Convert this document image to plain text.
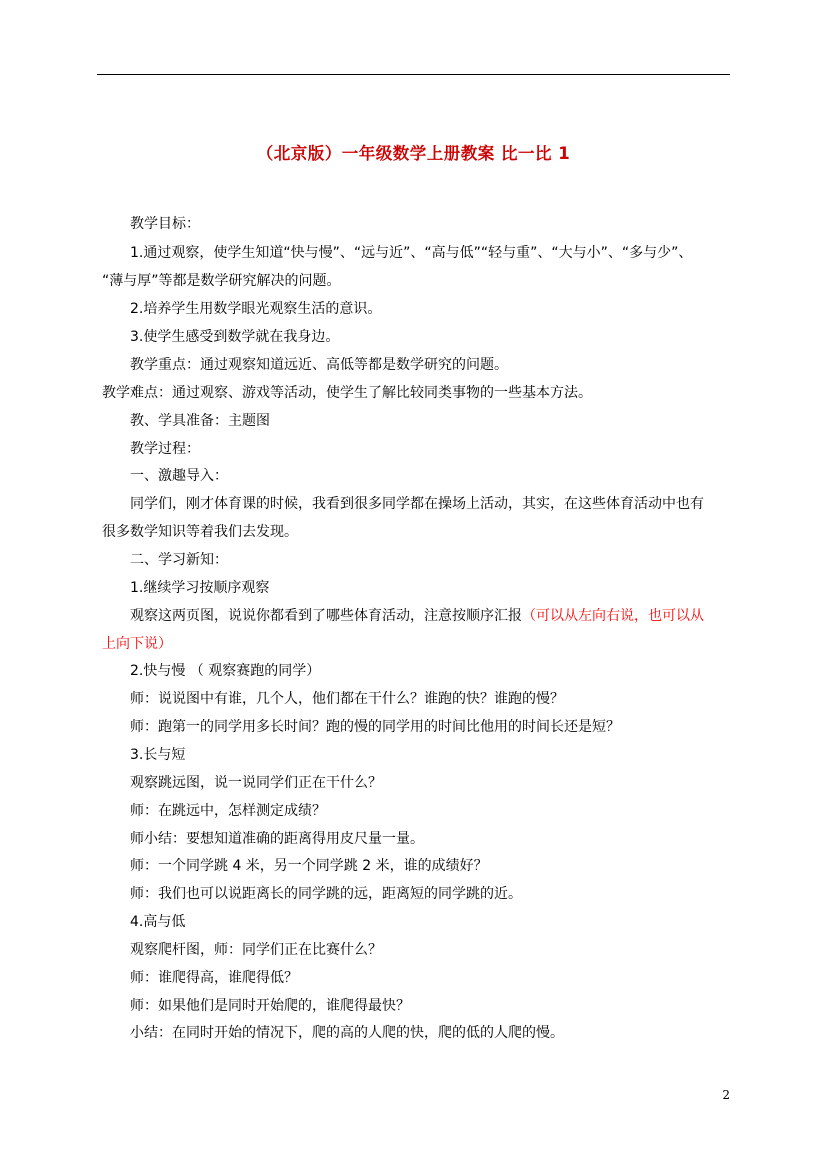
（北京版）一年级数学上册教案 比一比 1
教学目标：
1.通过观察，使学生知道“快与慢”、“远与近”、“高与低”“轻与重”、“大与小”、“多与少”、
“薄与厚”等都是数学研究解决的问题。
2.培养学生用数学眼光观察生活的意识。
3.使学生感受到数学就在我身边。
教学重点：通过观察知道远近、高低等都是数学研究的问题。
教学难点：通过观察、游戏等活动，使学生了解比较同类事物的一些基本方法。
教、学具准备：主题图
教学过程：
一、激趣导入：
同学们，刚才体育课的时候，我看到很多同学都在操场上活动，其实，在这些体育活动中也有
很多数学知识等着我们去发现。
二、学习新知：
1.继续学习按顺序观察
观察这两页图，说说你都看到了哪些体育活动，注意按顺序汇报（可以从左向右说，也可以从
上向下说）
2.快与慢 （ 观察赛跑的同学）
师：说说图中有谁，几个人，他们都在干什么？谁跑的快？谁跑的慢？
师：跑第一的同学用多长时间？跑的慢的同学用的时间比他用的时间长还是短？
3.长与短
观察跳远图，说一说同学们正在干什么？
师：在跳远中，怎样测定成绩？
师小结：要想知道准确的距离得用皮尺量一量。
师：一个同学跳 4 米，另一个同学跳 2 米，谁的成绩好？
师：我们也可以说距离长的同学跳的远，距离短的同学跳的近。
4.高与低
观察爬杆图，师：同学们正在比赛什么？
师：谁爬得高，谁爬得低？
师：如果他们是同时开始爬的，谁爬得最快？
小结：在同时开始的情况下，爬的高的人爬的快，爬的低的人爬的慢。
2
